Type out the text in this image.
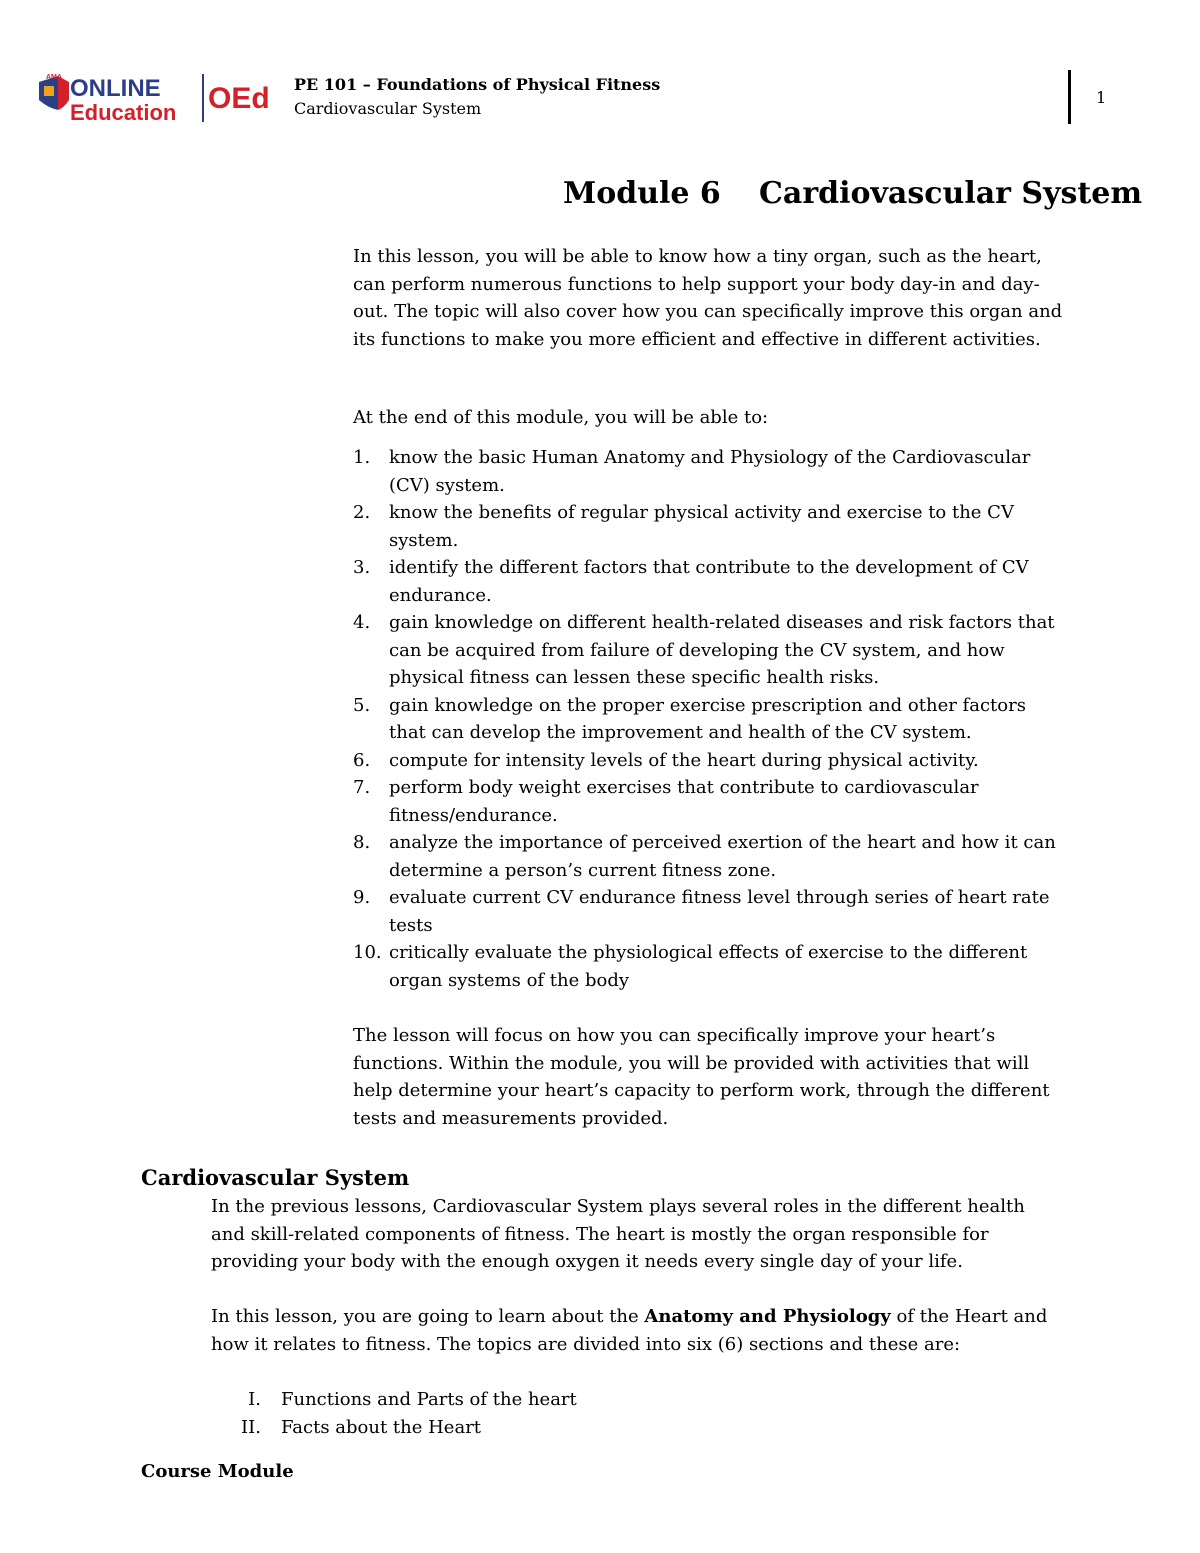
AMA ONLINE
Education OEd PE 101 – Foundations of Physical Fitness
Cardiovascular System
1
Module 6 Cardiovascular System
In this lesson, you will be able to know how a tiny organ, such as the heart,
can perform numerous functions to help support your body day-in and day-
out. The topic will also cover how you can specifically improve this organ and
its functions to make you more efficient and effective in different activities.
At the end of this module, you will be able to:
1. know the basic Human Anatomy and Physiology of the Cardiovascular
(CV) system.
2. know the benefits of regular physical activity and exercise to the CV
system.
3. identify the different factors that contribute to the development of CV
endurance.
4. gain knowledge on different health-related diseases and risk factors that
can be acquired from failure of developing the CV system, and how
physical fitness can lessen these specific health risks.
5. gain knowledge on the proper exercise prescription and other factors
that can develop the improvement and health of the CV system.
6. compute for intensity levels of the heart during physical activity.
7. perform body weight exercises that contribute to cardiovascular
fitness/endurance.
8. analyze the importance of perceived exertion of the heart and how it can
determine a person’s current fitness zone.
9. evaluate current CV endurance fitness level through series of heart rate
tests
10. critically evaluate the physiological effects of exercise to the different
organ systems of the body
The lesson will focus on how you can specifically improve your heart’s
functions. Within the module, you will be provided with activities that will
help determine your heart’s capacity to perform work, through the different
tests and measurements provided.
Cardiovascular System
In the previous lessons, Cardiovascular System plays several roles in the different health
and skill-related components of fitness. The heart is mostly the organ responsible for
providing your body with the enough oxygen it needs every single day of your life.
In this lesson, you are going to learn about the Anatomy and Physiology of the Heart and
how it relates to fitness. The topics are divided into six (6) sections and these are:
I. Functions and Parts of the heart
II. Facts about the Heart
Course Module
